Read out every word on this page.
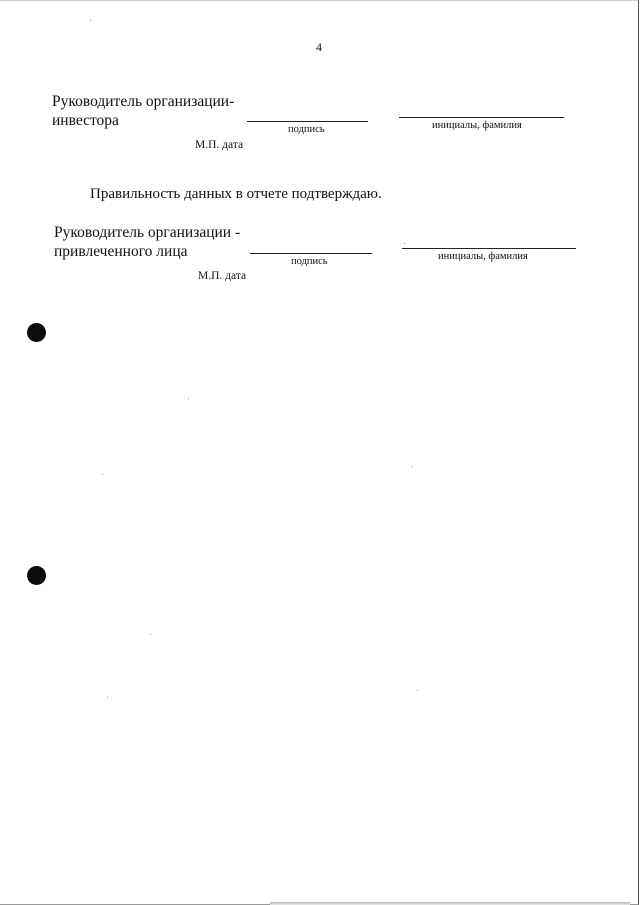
4
Руководитель организации-
инвестора
подпись	инициалы, фамилия
М.П. дата
Правильность данных в отчете подтверждаю.
Руководитель организации -
привлеченного лица
подпись	инициалы, фамилия
М.П. дата
